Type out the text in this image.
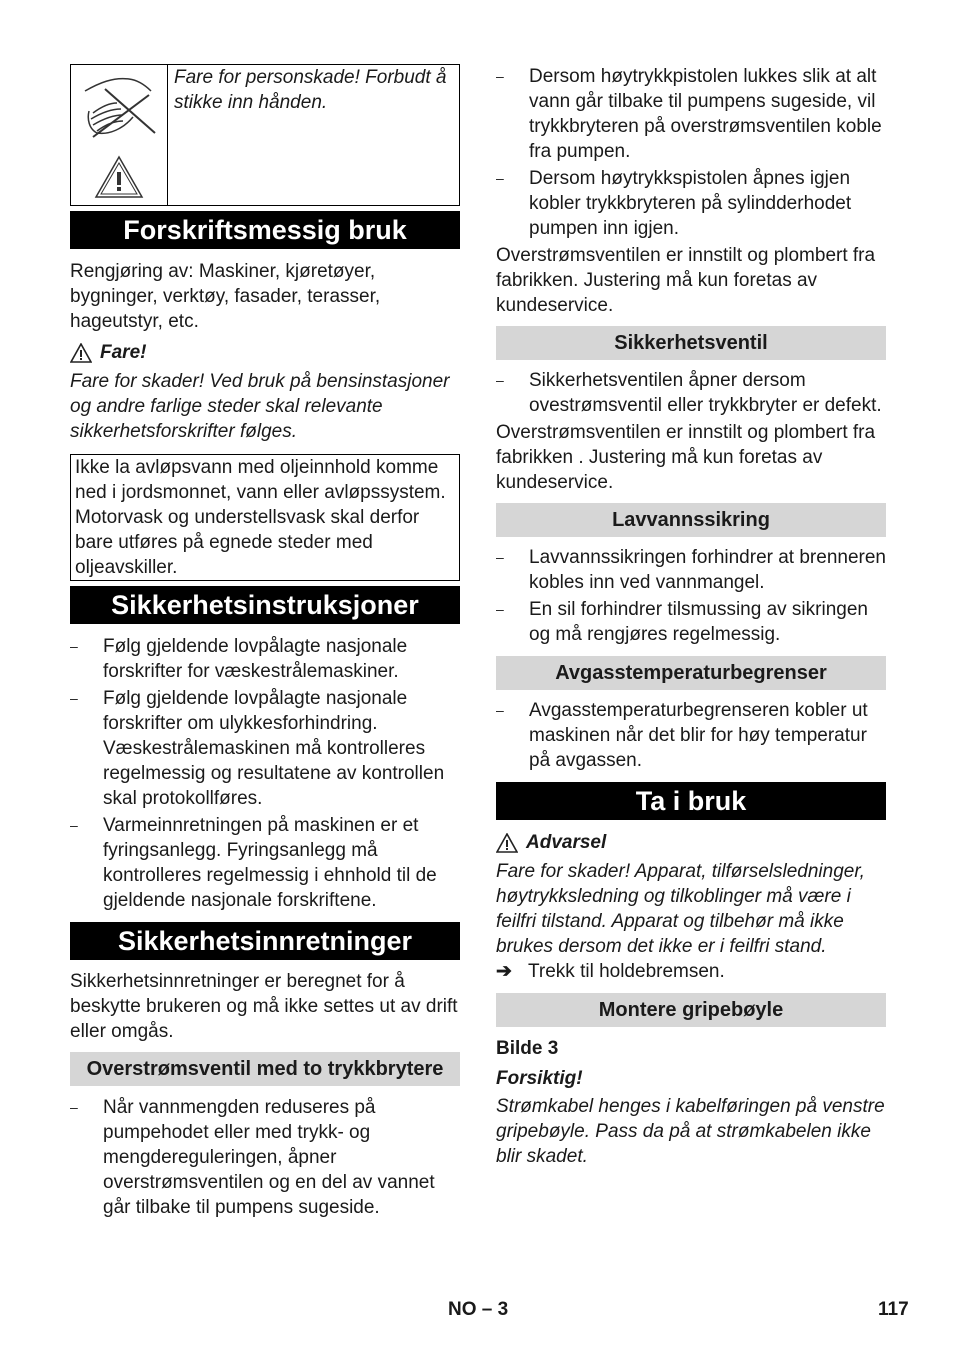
Fare for personskade! Forbudt å stikke inn hånden.
Forskriftsmessig bruk

Rengjøring av: Maskiner, kjøretøyer, bygninger, verktøy, fasader, terasser, hageutstyr, etc.

Fare!

Fare for skader! Ved bruk på bensinstasjoner og andre farlige steder skal relevante sikkerhetsforskrifter følges.

Ikke la avløpsvann med oljeinnhold komme ned i jordsmonnet, vann eller avløpssystem. Motorvask og understellsvask skal derfor bare utføres på egnede steder med oljeavskiller.

Sikkerhetsinstruksjoner

– Følg gjeldende lovpålagte nasjonale forskrifter for væskestrålemaskiner.

– Følg gjeldende lovpålagte nasjonale forskrifter om ulykkesforhindring. Væskestrålemaskinen må kontrolleres regelmessig og resultatene av kontrollen skal protokollføres.

– Varmeinnretningen på maskinen er et fyringsanlegg. Fyringsanlegg må kontrolleres regelmessig i ehnhold til de gjeldende nasjonale forskriftene.

Sikkerhetsinnretninger

Sikkerhetsinnretninger er beregnet for å beskytte brukeren og må ikke settes ut av drift eller omgås.

Overstrømsventil med to trykkbrytere

– Når vannmengden reduseres på pumpehodet eller med trykk- og mengdereguleringen, åpner overstrømsventilen og en del av vannet går tilbake til pumpens sugeside.

– Dersom høytrykkpistolen lukkes slik at alt vann går tilbake til pumpens sugeside, vil trykkbryteren på overstrømsventilen koble fra pumpen.

– Dersom høytrykkspistolen åpnes igjen kobler trykkbryteren på sylindderhodet pumpen inn igjen.

Overstrømsventilen er innstilt og plombert fra fabrikken. Justering må kun foretas av kundeservice.

Sikkerhetsventil

– Sikkerhetsventilen åpner dersom ovestrømsventil eller trykkbryter er defekt.

Overstrømsventilen er innstilt og plombert fra fabrikken . Justering må kun foretas av kundeservice.

Lavvannssikring

– Lavvannssikringen forhindrer at brenneren kobles inn ved vannmangel.

– En sil forhindrer tilsmussing av sikringen og må rengjøres regelmessig.

Avgasstemperaturbegrenser

– Avgasstemperaturbegrenseren kobler ut maskinen når det blir for høy temperatur på avgassen.

Ta i bruk
Advarsel

Fare for skader! Apparat, tilførselsledninger, høytrykksledning og tilkoblinger må være i feilfri tilstand. Apparat og tilbehør må ikke brukes dersom det ikke er i feilfri stand.

➔ Trekk til holdebremsen.
Montere gripebøyle

Bilde 3

Forsiktig!

Strømkabel henges i kabelføringen på venstre gripebøyle. Pass da på at strømkabelen ikke blir skadet.

NO – 3	117
